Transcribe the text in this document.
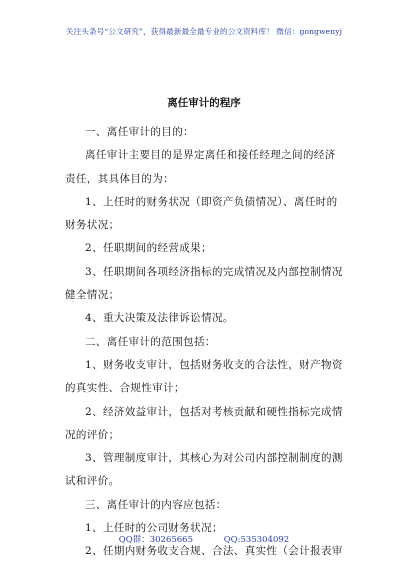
关注头条号“公文研究”，获得最新最全最专业的公文资料库！ 微信：gongwenyj
离任审计的程序
一、离任审计的目的：
离任审计主要目的是界定离任和接任经理之间的经济
责任，其具体目的为：
1、上任时的财务状况（即资产负债情况）、离任时的
财务状况；
2、任职期间的经营成果；
3、任职期间各项经济指标的完成情况及内部控制情况
健全情况；
4、重大决策及法律诉讼情况。
二、离任审计的范围包括：
1、财务收支审计，包括财务收支的合法性，财产物资
的真实性、合规性审计；
2、经济效益审计，包括对考核贡献和硬性指标完成情
况的评价；
3、管理制度审计，其核心为对公司内部控制制度的测
试和评价。
三、离任审计的内容应包括：
1、上任时的公司财务状况；
2、任期内财务收支合规、合法、真实性（会计报表审
QQ群：30265665	QQ:535304092
